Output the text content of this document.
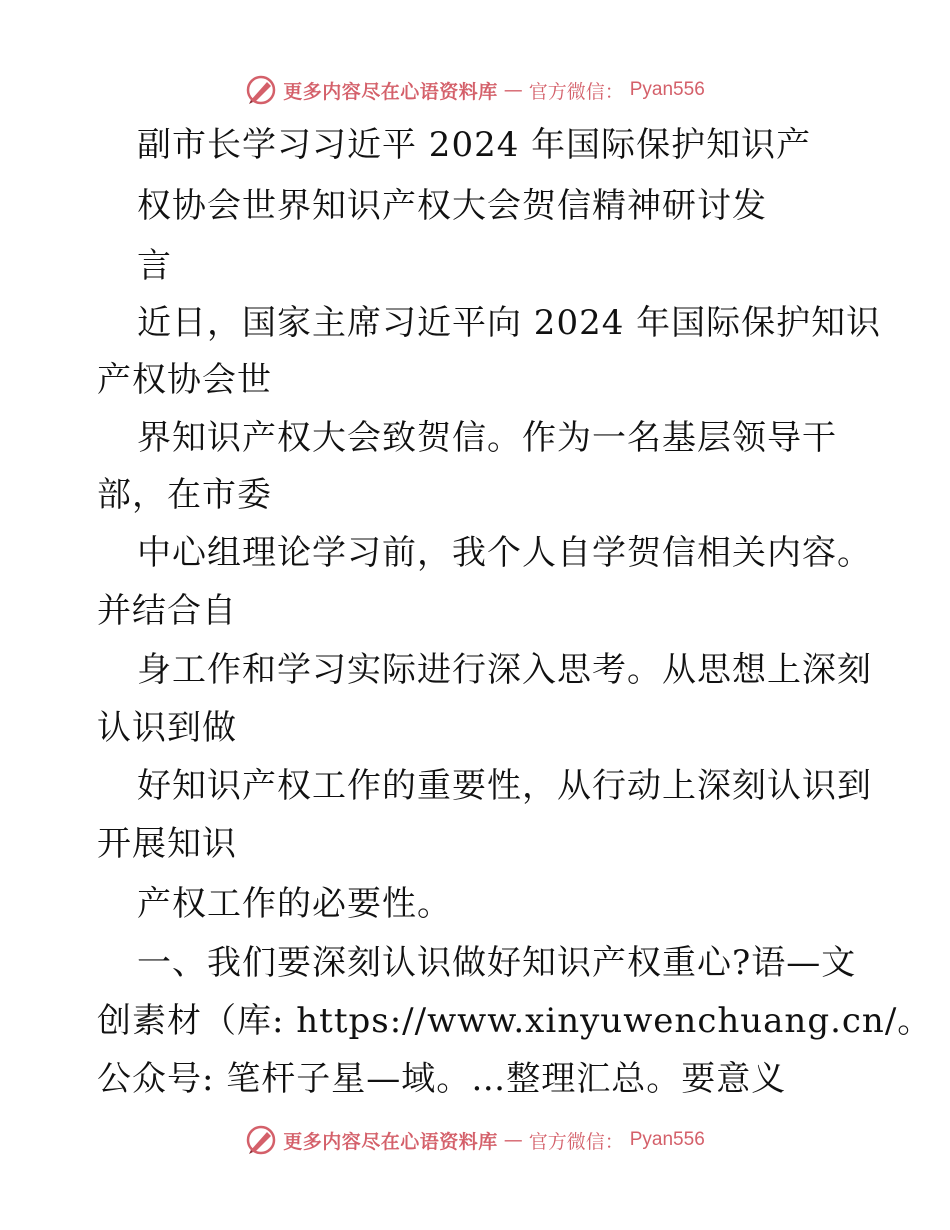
更多内容尽在心语资料库 — 官方微信： Pyan556
副市长学习习近平 2024 年国际保护知识产
权协会世界知识产权大会贺信精神研讨发
言
近日，国家主席习近平向 2024 年国际保护知识
产权协会世
界知识产权大会致贺信。作为一名基层领导干
部，在市委
中心组理论学习前，我个人自学贺信相关内容。
并结合自
身工作和学习实际进行深入思考。从思想上深刻
认识到做
好知识产权工作的重要性，从行动上深刻认识到
开展知识
产权工作的必要性。
一、我们要深刻认识做好知识产权重心?语—文
创素材（库: https://www.xinyuwenchuang.cn/。
公众号: 笔杆子星—域。…整理汇总。要意义
更多内容尽在心语资料库 — 官方微信： Pyan556
